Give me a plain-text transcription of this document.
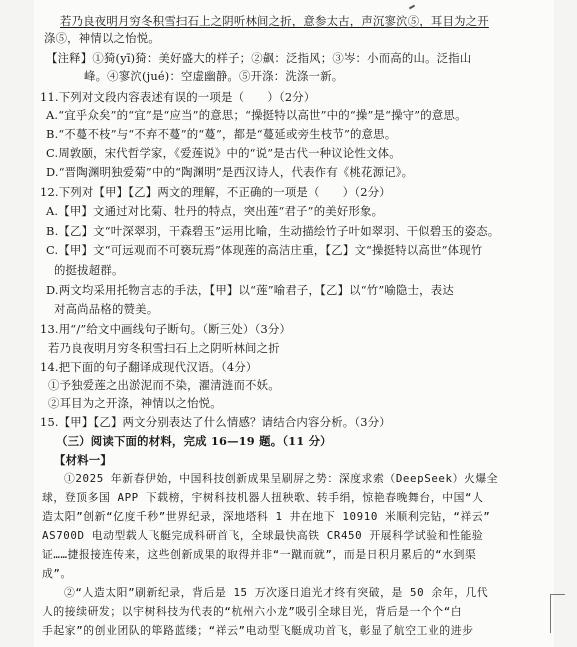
若乃良夜明月穷冬积雪扫石上之阴听林间之折，意参太古，声沉寥泬⑤，耳目为之开
涤⑤，神情以之怡悦。
【注释】①猗(yī)猗：美好盛大的样子；②飙：泛指风；③岑：小而高的山。泛指山
峰。④寥泬(jué)：空虚幽静。⑤开涤：洗涤一新。
11.下列对文段内容表述有误的一项是（　　）（2分）
A.“宜乎众矣”的“宜”是“应当”的意思；“操挺特以高世”中的“操”是“操守”的意思。
B.“不蔓不枝”与“不弃不蔓”的“蔓”，都是“蔓延或旁生枝节”的意思。
C.周敦颐，宋代哲学家，《爱莲说》中的“说”是古代一种议论性文体。
D.“晋陶渊明独爱菊”中的“陶渊明”是西汉诗人，代表作有《桃花源记》。
12.下列对【甲】【乙】两文的理解，不正确的一项是（　　）（2分）
A.【甲】文通过对比菊、牡丹的特点，突出莲“君子”的美好形象。
B.【乙】文“叶深翠羽，干森碧玉”运用比喻，生动描绘竹子叶如翠羽、干似碧玉的姿态。
C.【甲】文“可远观而不可亵玩焉”体现莲的高洁庄重，【乙】文“操挺特以高世”体现竹
的挺拔超群。
D.两文均采用托物言志的手法，【甲】以“莲”喻君子，【乙】以“竹”喻隐士，表达
对高尚品格的赞美。
13.用“/”给文中画线句子断句。（断三处）（3分）
若乃良夜明月穷冬积雪扫石上之阴听林间之折
14.把下面的句子翻译成现代汉语。（4分）
①予独爱莲之出淤泥而不染，濯清涟而不妖。
②耳目为之开涤，神情以之怡悦。
15.【甲】【乙】两文分别表达了什么情感？请结合内容分析。（3分）
（三）阅读下面的材料，完成 16—19 题。（11 分）
【材料一】
①2025 年新春伊始，中国科技创新成果呈刷屏之势：深度求索（DeepSeek）火爆全
球，登顶多国 APP 下载榜，宇树科技机器人扭秧歌、转手绢，惊艳春晚舞台，中国“人
造太阳”创新“亿度千秒”世界纪录，深地塔科 1 井在地下 10910 米顺利完钻，“祥云”
AS700D 电动型载人飞艇完成科研首飞，全球最快高铁 CR450 开展科学试验和性能验
证……捷报接连传来，这些创新成果的取得并非“一蹴而就”，而是日积月累后的“水到渠
成”。
②“人造太阳”刷新纪录，背后是 15 万次逐日追光才终有突破，是 50 余年，几代
人的接续研发；以宇树科技为代表的“杭州六小龙”吸引全球目光，背后是一个个“白
手起家”的创业团队的筚路蓝缕；“祥云”电动型飞艇成功首飞，彰显了航空工业的进步
